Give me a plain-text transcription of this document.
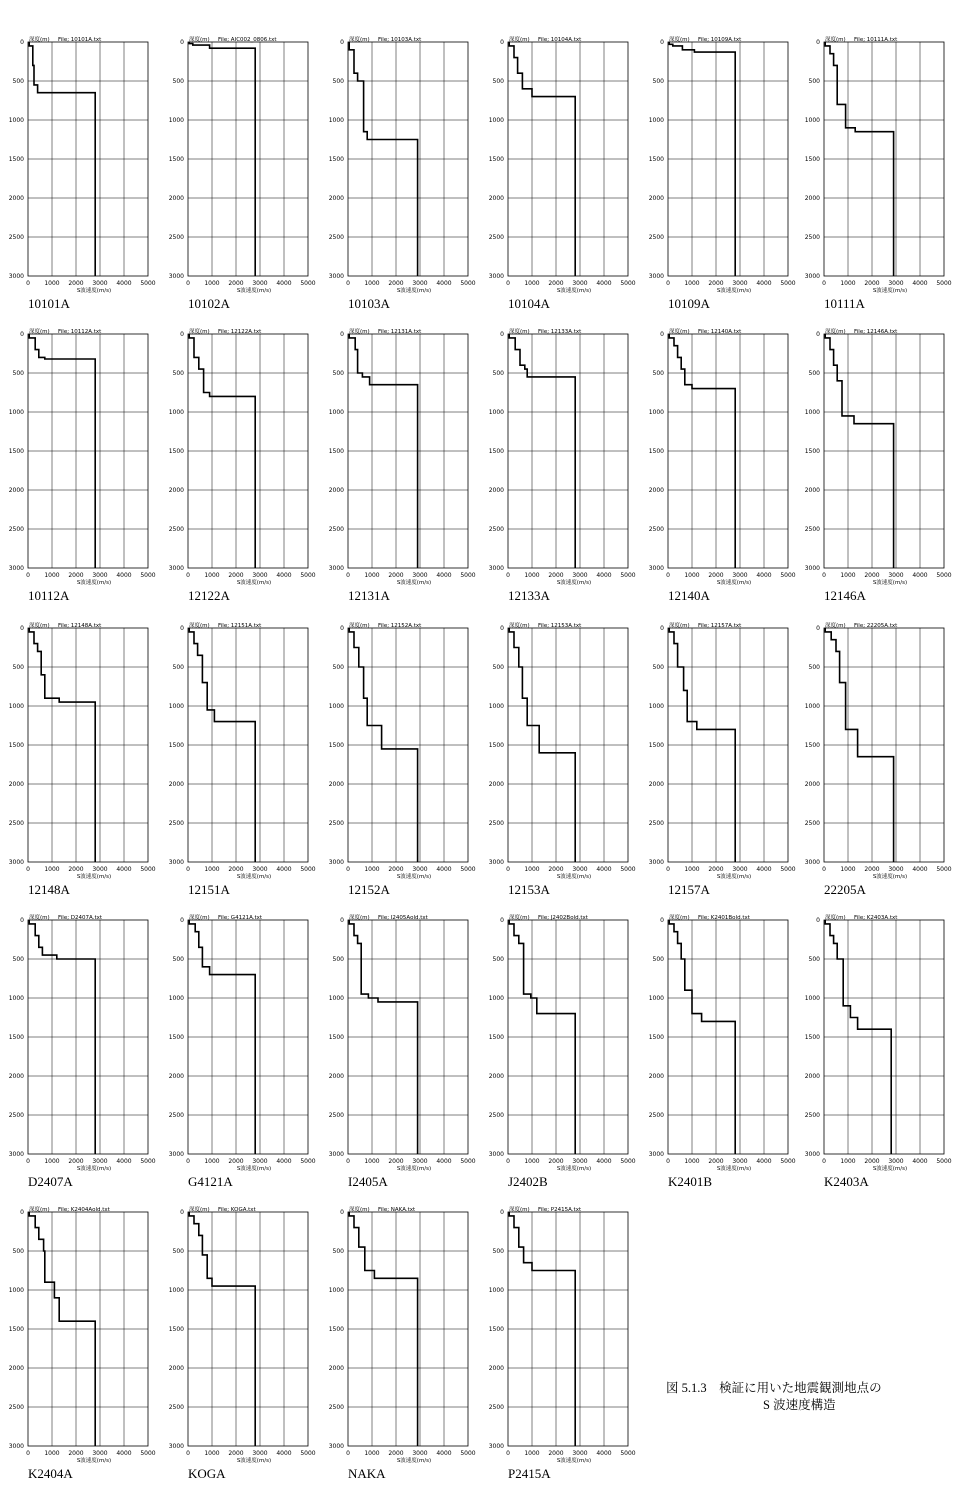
深度(m) File; 10101A.txt
0
500
1000
1500
2000
2500
3000
0 1000 2000 3000 4000 5000
S波速度(m/s)
10101A
深度(m) File; AIC002_0806.txt
0
500
1000
1500
2000
2500
3000
0 1000 2000 3000 4000 5000
S波速度(m/s)
10102A
深度(m) File; 10103A.txt
0
500
1000
1500
2000
2500
3000
0 1000 2000 3000 4000 5000
S波速度(m/s)
10103A
深度(m) File; 10104A.txt
0
500
1000
1500
2000
2500
3000
0 1000 2000 3000 4000 5000
S波速度(m/s)
10104A
深度(m) File; 10109A.txt
0
500
1000
1500
2000
2500
3000
0 1000 2000 3000 4000 5000
S波速度(m/s)
10109A
深度(m) File; 10111A.txt
0
500
1000
1500
2000
2500
3000
0 1000 2000 3000 4000 5000
S波速度(m/s)
10111A
深度(m) File; 10112A.txt
0
500
1000
1500
2000
2500
3000
0 1000 2000 3000 4000 5000
S波速度(m/s)
10112A
深度(m) File; 12122A.txt
0
500
1000
1500
2000
2500
3000
0 1000 2000 3000 4000 5000
S波速度(m/s)
12122A
深度(m) File; 12131A.txt
0
500
1000
1500
2000
2500
3000
0 1000 2000 3000 4000 5000
S波速度(m/s)
12131A
深度(m) File; 12133A.txt
0
500
1000
1500
2000
2500
3000
0 1000 2000 3000 4000 5000
S波速度(m/s)
12133A
深度(m) File; 12140A.txt
0
500
1000
1500
2000
2500
3000
0 1000 2000 3000 4000 5000
S波速度(m/s)
12140A
深度(m) File; 12146A.txt
0
500
1000
1500
2000
2500
3000
0 1000 2000 3000 4000 5000
S波速度(m/s)
12146A
深度(m) File; 12148A.txt
0
500
1000
1500
2000
2500
3000
0 1000 2000 3000 4000 5000
S波速度(m/s)
12148A
深度(m) File; 12151A.txt
0
500
1000
1500
2000
2500
3000
0 1000 2000 3000 4000 5000
S波速度(m/s)
12151A
深度(m) File; 12152A.txt
0
500
1000
1500
2000
2500
3000
0 1000 2000 3000 4000 5000
S波速度(m/s)
12152A
深度(m) File; 12153A.txt
0
500
1000
1500
2000
2500
3000
0 1000 2000 3000 4000 5000
S波速度(m/s)
12153A
深度(m) File; 12157A.txt
0
500
1000
1500
2000
2500
3000
0 1000 2000 3000 4000 5000
S波速度(m/s)
12157A
深度(m) File; 22205A.txt
0
500
1000
1500
2000
2500
3000
0 1000 2000 3000 4000 5000
S波速度(m/s)
22205A
深度(m) File; D2407A.txt
0
500
1000
1500
2000
2500
3000
0 1000 2000 3000 4000 5000
S波速度(m/s)
D2407A
深度(m) File; G4121A.txt
0
500
1000
1500
2000
2500
3000
0 1000 2000 3000 4000 5000
S波速度(m/s)
G4121A
深度(m) File; I2405Aold.txt
0
500
1000
1500
2000
2500
3000
0 1000 2000 3000 4000 5000
S波速度(m/s)
I2405A
深度(m) File; J2402Bold.txt
0
500
1000
1500
2000
2500
3000
0 1000 2000 3000 4000 5000
S波速度(m/s)
J2402B
深度(m) File; K2401Bold.txt
0
500
1000
1500
2000
2500
3000
0 1000 2000 3000 4000 5000
S波速度(m/s)
K2401B
深度(m) File; K2403A.txt
0
500
1000
1500
2000
2500
3000
0 1000 2000 3000 4000 5000
S波速度(m/s)
K2403A
深度(m) File; K2404Aold.txt
0
500
1000
1500
2000
2500
3000
0 1000 2000 3000 4000 5000
S波速度(m/s)
K2404A
深度(m) File; KOGA.txt
0
500
1000
1500
2000
2500
3000
0 1000 2000 3000 4000 5000
S波速度(m/s)
KOGA
深度(m) File; NAKA.txt
0
500
1000
1500
2000
2500
3000
0 1000 2000 3000 4000 5000
S波速度(m/s)
NAKA
深度(m) File; P2415A.txt
0
500
1000
1500
2000
2500
3000
0 1000 2000 3000 4000 5000
S波速度(m/s)
P2415A
図 5.1.3　検証に用いた地震観測地点の
S 波速度構造
